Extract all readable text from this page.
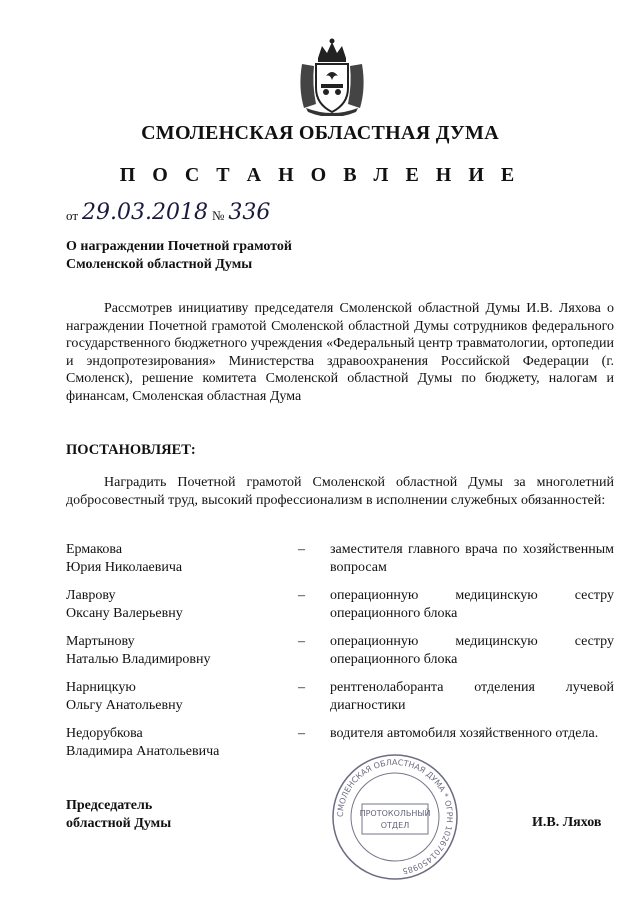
СМОЛЕНСКАЯ ОБЛАСТНАЯ ДУМА
П О С Т А Н О В Л Е Н И Е
от 29.03.2018 № 336
О награждении Почетной грамотой
Смоленской областной Думы
Рассмотрев инициативу председателя Смоленской областной Думы И.В. Ляхова о награждении Почетной грамотой Смоленской областной Думы сотрудников федерального государственного бюджетного учреждения «Федеральный центр травматологии, ортопедии и эндопротезирования» Министерства здравоохранения Российской Федерации (г. Смоленск), решение комитета Смоленской областной Думы по бюджету, налогам и финансам, Смоленская областная Дума
ПОСТАНОВЛЯЕТ:
Наградить Почетной грамотой Смоленской областной Думы за многолетний добросовестный труд, высокий профессионализм в исполнении служебных обязанностей:
Ермакова
Юрия Николаевича
– заместителя главного врача по хозяйственным вопросам
Лаврову
Оксану Валерьевну
– операционную медицинскую сестру операционного блока
Мартынову
Наталью Владимировну
– операционную медицинскую сестру операционного блока
Нарницкую
Ольгу Анатольевну
– рентгенолаборанта отделения лучевой диагностики
Недорубкова
Владимира Анатольевича
– водителя автомобиля хозяйственного отдела.
СМОЛЕНСКАЯ ОБЛАСТНАЯ ДУМА * ОГРН 1026701450985
ПРОТОКОЛЬНЫЙ
ОТДЕЛ
Председатель
областной Думы	И.В. Ляхов
